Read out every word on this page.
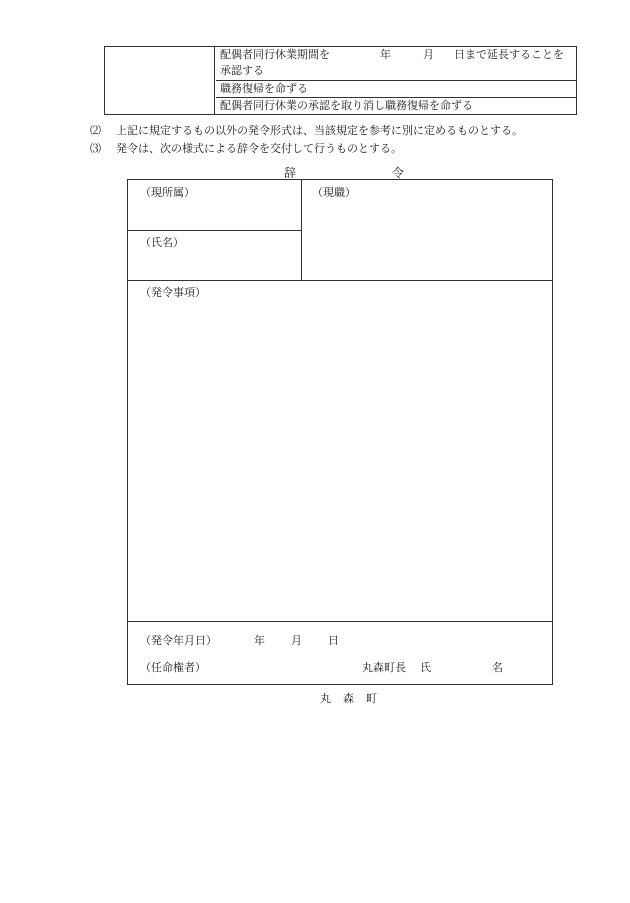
配偶者同行休業期間を	年	月 日まで延長することを
承認する
職務復帰を命ずる
配偶者同行休業の承認を取り消し職務復帰を命ずる
⑵ 上記に規定するもの以外の発令形式は、当該規定を参考に別に定めるものとする。
⑶ 発令は、次の様式による辞令を交付して行うものとする。
辞	令
（現所属）	（現職）
（氏名）
（発令事項）
（発令年月日）	年 月 日
（任命権者）	丸森町長 氏	名
丸 森 町
